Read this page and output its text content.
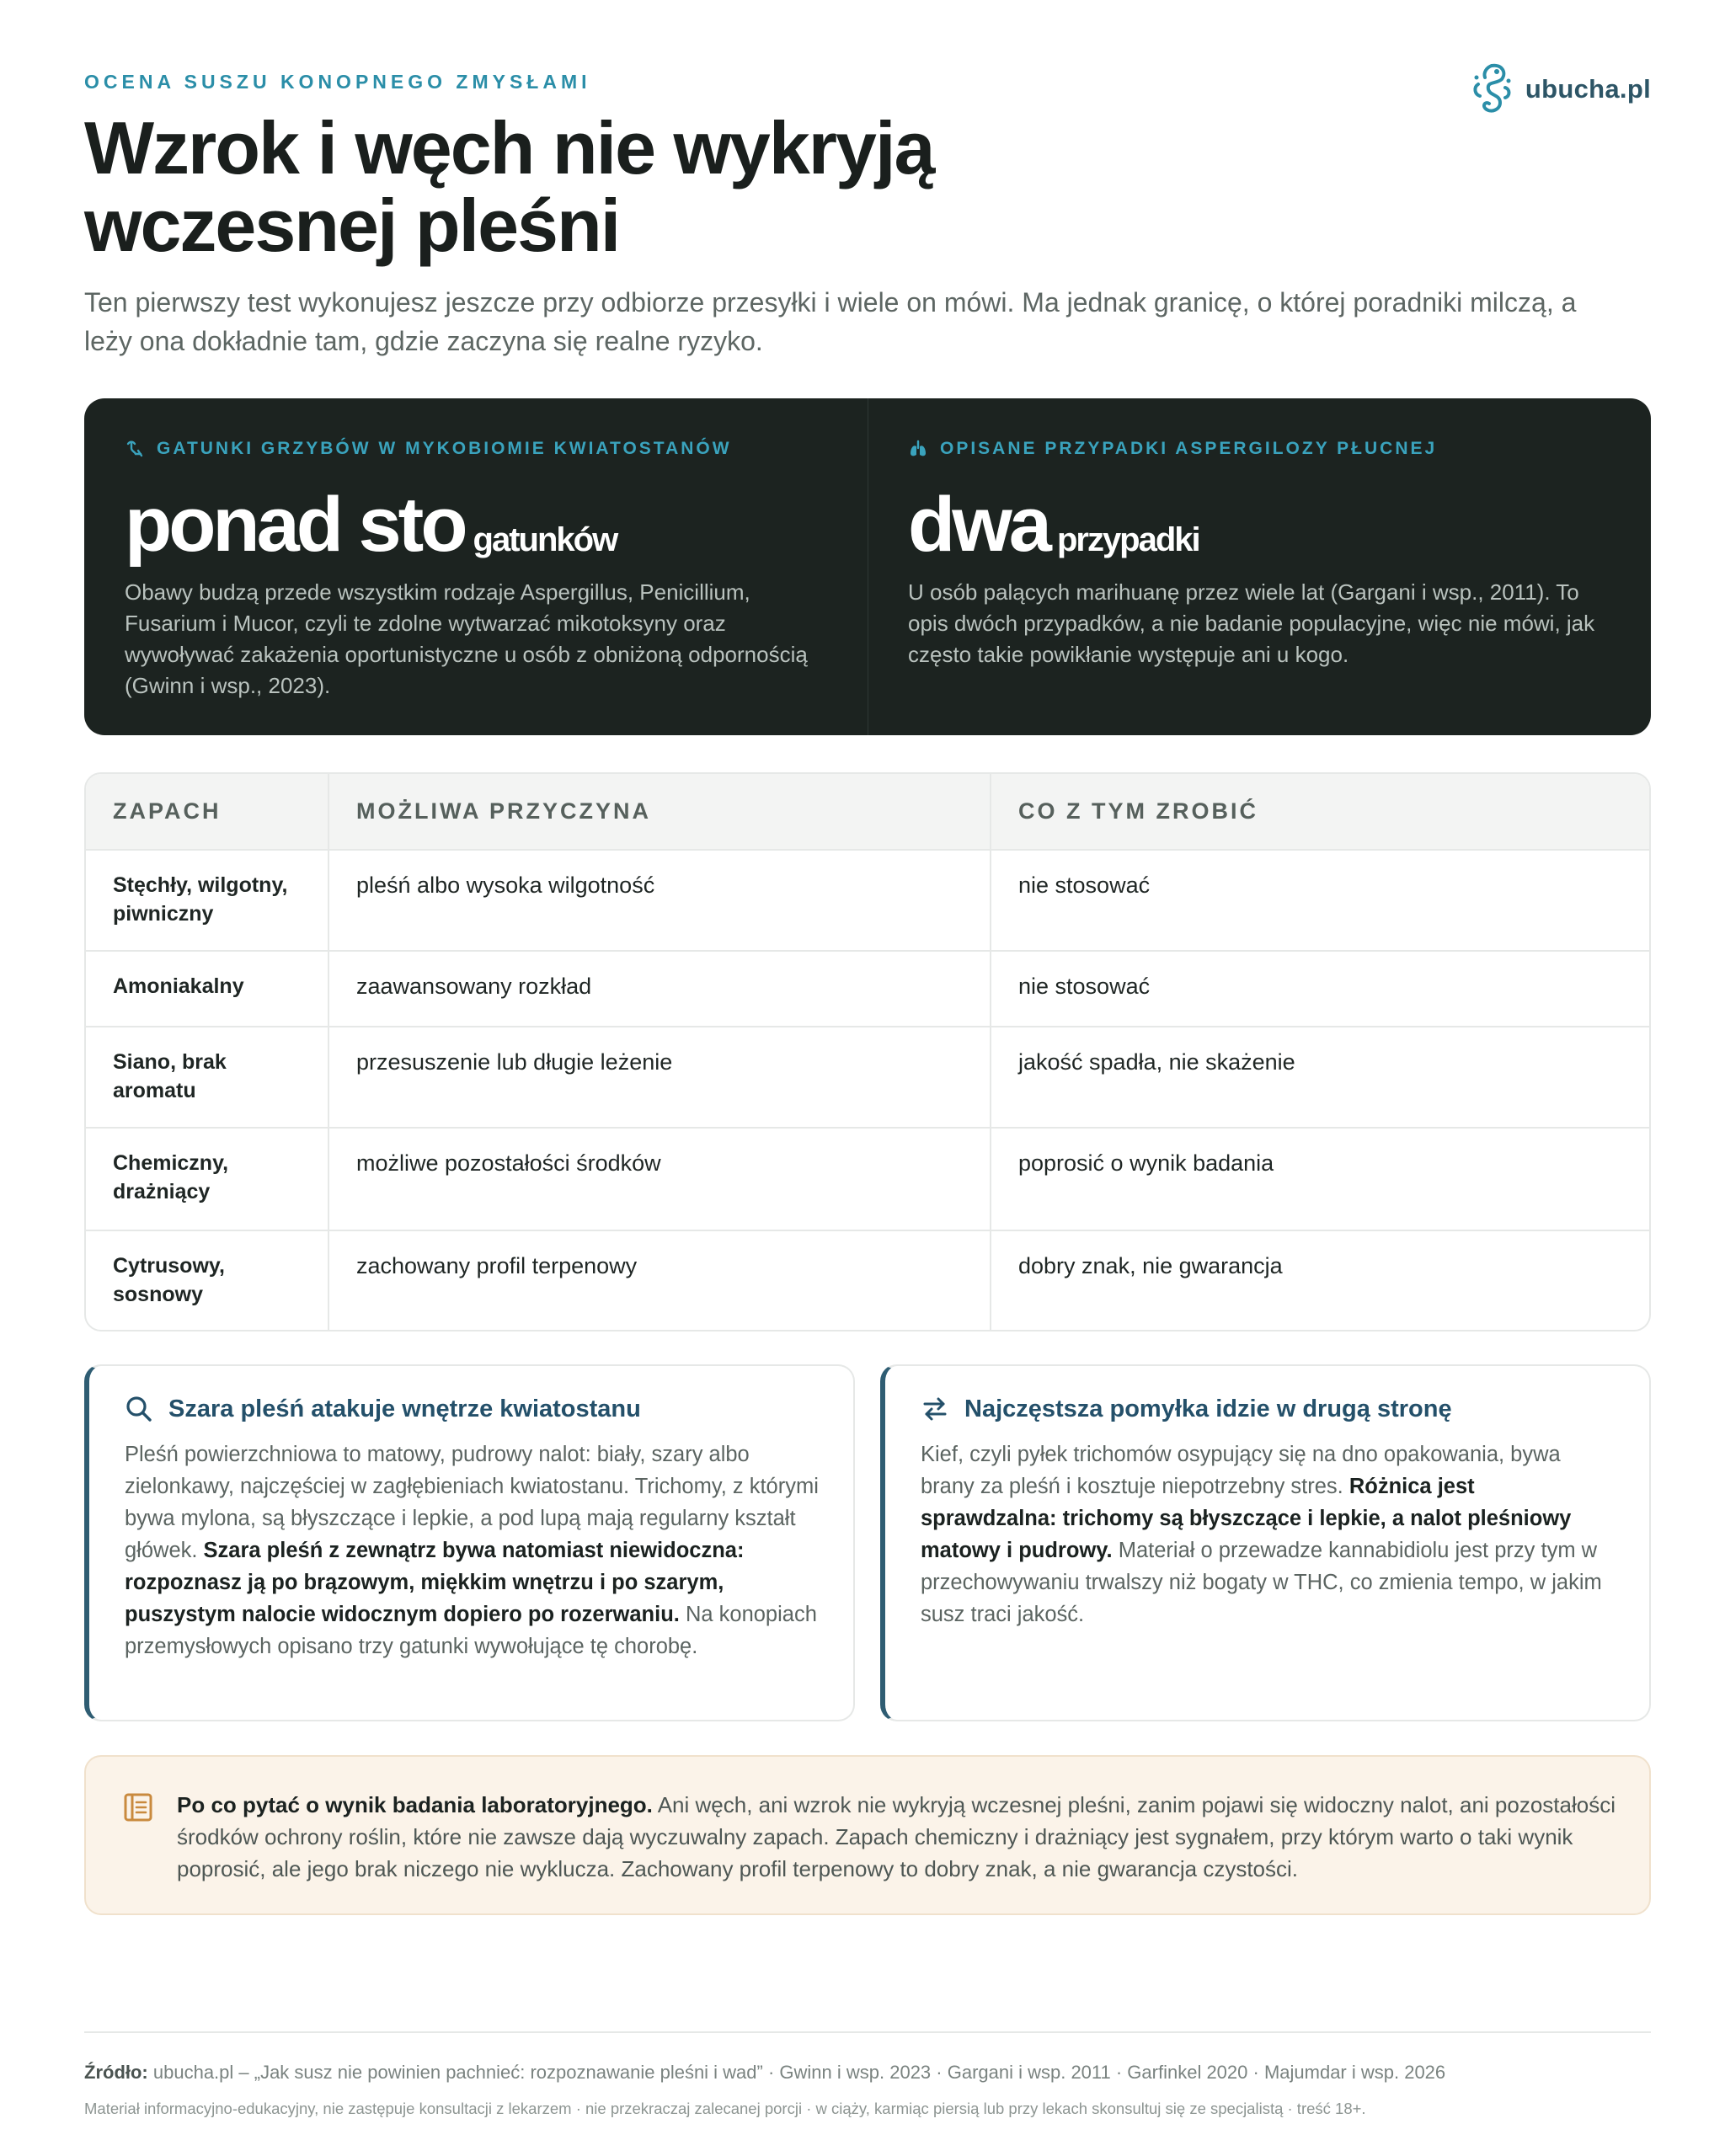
OCENA SUSZU KONOPNEGO ZMYSŁAMI	ubucha.pl
Wzrok i węch nie wykryją wczesnej pleśni

Ten pierwszy test wykonujesz jeszcze przy odbiorze przesyłki i wiele on mówi. Ma jednak granicę, o której poradniki milczą, a leży ona dokładnie tam, gdzie zaczyna się realne ryzyko.

GATUNKI GRZYBÓW W MYKOBIOMIE KWIATOSTANÓW
ponad sto gatunków

Obawy budzą przede wszystkim rodzaje Aspergillus, Penicillium, Fusarium i Mucor, czyli te zdolne wytwarzać mikotoksyny oraz wywoływać zakażenia oportunistyczne u osób z obniżoną odpornością (Gwinn i wsp., 2023).

OPISANE PRZYPADKI ASPERGILOZY PŁUCNEJ
dwa przypadki

U osób palących marihuanę przez wiele lat (Gargani i wsp., 2011). To opis dwóch przypadków, a nie badanie populacyjne, więc nie mówi, jak często takie powikłanie występuje ani u kogo.

ZAPACH	MOŻLIWA PRZYCZYNA	CO Z TYM ZROBIĆ
Stęchły, wilgotny, piwniczny	pleśń albo wysoka wilgotność	nie stosować
Amoniakalny	zaawansowany rozkład	nie stosować
Siano, brak aromatu	przesuszenie lub długie leżenie	jakość spadła, nie skażenie
Chemiczny, drażniący	możliwe pozostałości środków	poprosić o wynik badania
Cytrusowy, sosnowy	zachowany profil terpenowy	dobry znak, nie gwarancja
Szara pleśń atakuje wnętrze kwiatostanu

Pleśń powierzchniowa to matowy, pudrowy nalot: biały, szary albo zielonkawy, najczęściej w zagłębieniach kwiatostanu. Trichomy, z którymi bywa mylona, są błyszczące i lepkie, a pod lupą mają regularny kształt główek. Szara pleśń z zewnątrz bywa natomiast niewidoczna: rozpoznasz ją po brązowym, miękkim wnętrzu i po szarym, puszystym nalocie widocznym dopiero po rozerwaniu. Na konopiach przemysłowych opisano trzy gatunki wywołujące tę chorobę.

Najczęstsza pomyłka idzie w drugą stronę

Kief, czyli pyłek trichomów osypujący się na dno opakowania, bywa brany za pleśń i kosztuje niepotrzebny stres. Różnica jest sprawdzalna: trichomy są błyszczące i lepkie, a nalot pleśniowy matowy i pudrowy. Materiał o przewadze kannabidiolu jest przy tym w przechowywaniu trwalszy niż bogaty w THC, co zmienia tempo, w jakim susz traci jakość.

Po co pytać o wynik badania laboratoryjnego. Ani węch, ani wzrok nie wykryją wczesnej pleśni, zanim pojawi się widoczny nalot, ani pozostałości środków ochrony roślin, które nie zawsze dają wyczuwalny zapach. Zapach chemiczny i drażniący jest sygnałem, przy którym warto o taki wynik poprosić, ale jego brak niczego nie wyklucza. Zachowany profil terpenowy to dobry znak, a nie gwarancja czystości.

Źródło: ubucha.pl – „Jak susz nie powinien pachnieć: rozpoznawanie pleśni i wad” · Gwinn i wsp. 2023 · Gargani i wsp. 2011 · Garfinkel 2020 · Majumdar i wsp. 2026

Materiał informacyjno-edukacyjny, nie zastępuje konsultacji z lekarzem · nie przekraczaj zalecanej porcji · w ciąży, karmiąc piersią lub przy lekach skonsultuj się ze specjalistą · treść 18+.
